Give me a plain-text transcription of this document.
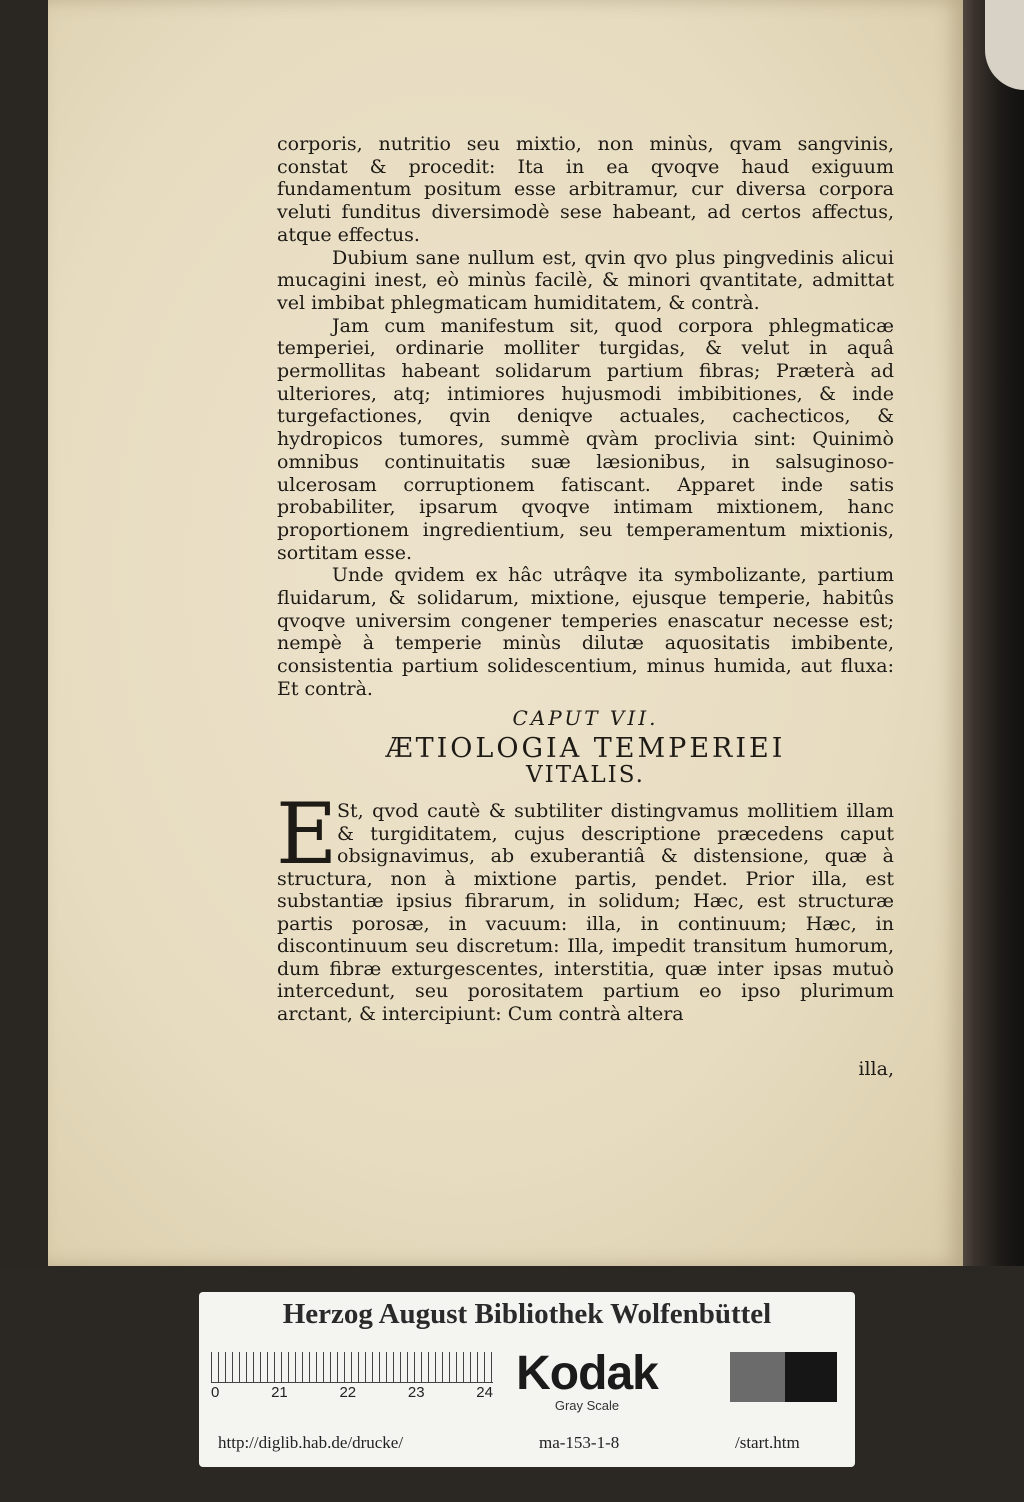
corporis, nutritio seu mixtio, non minùs, qvam sangvinis, constat & procedit: Ita in ea qvoqve haud exiguum fundamentum positum esse arbitramur, cur diversa corpora veluti funditus diversimodè sese habeant, ad certos affectus, atque effectus.

Dubium sane nullum est, qvin qvo plus pingvedinis alicui mucagini inest, eò minùs facilè, & minori qvantitate, admittat vel imbibat phlegmaticam humiditatem, & contrà.

Jam cum manifestum sit, quod corpora phlegmaticæ temperiei, ordinarie molliter turgidas, & velut in aquâ permollitas habeant solidarum partium fibras; Præterà ad ulteriores, atq; intimiores hujusmodi imbibitiones, & inde turgefactiones, qvin deniqve actuales, cachecticos, & hydropicos tumores, summè qvàm proclivia sint: Quinimò omnibus continuitatis suæ læsionibus, in salsuginoso-ulcerosam corruptionem fatiscant. Apparet inde satis probabiliter, ipsarum qvoqve intimam mixtionem, hanc proportionem ingredientium, seu temperamentum mixtionis, sortitam esse.

Unde qvidem ex hâc utrâqve ita symbolizante, partium fluidarum, & solidarum, mixtione, ejusque temperie, habitûs qvoqve universim congener temperies enascatur necesse est; nempè à temperie minùs dilutæ aquositatis imbibente, consistentia partium solidescentium, minus humida, aut fluxa: Et contrà.

CAPUT VII.
ÆTIOLOGIA TEMPERIEI
VITALIS.
St, qvod cautè & subtiliter distingvamus mollitiem illam & turgiditatem, cujus descriptione præcedens caput obsignavimus, ab exuberantiâ & distensione, quæ à structura, non à mixtione partis, pendet. Prior illa, est substantiæ ipsius fibrarum, in solidum; Hæc, est structuræ partis porosæ, in vacuum: illa, in continuum; Hæc, in discontinuum seu discretum: Illa, impedit transitum humorum, dum fibræ exturgescentes, interstitia, quæ inter ipsas mutuò intercedunt, seu porositatem partium eo ipso plurimum arctant, & intercipiunt: Cum contrà altera
E
illa,
Herzog August Bibliothek Wolfenbüttel
0	21	22	23	24 Kodak
Gray Scale
http://diglib.hab.de/drucke/	ma-153-1-8	/start.htm
